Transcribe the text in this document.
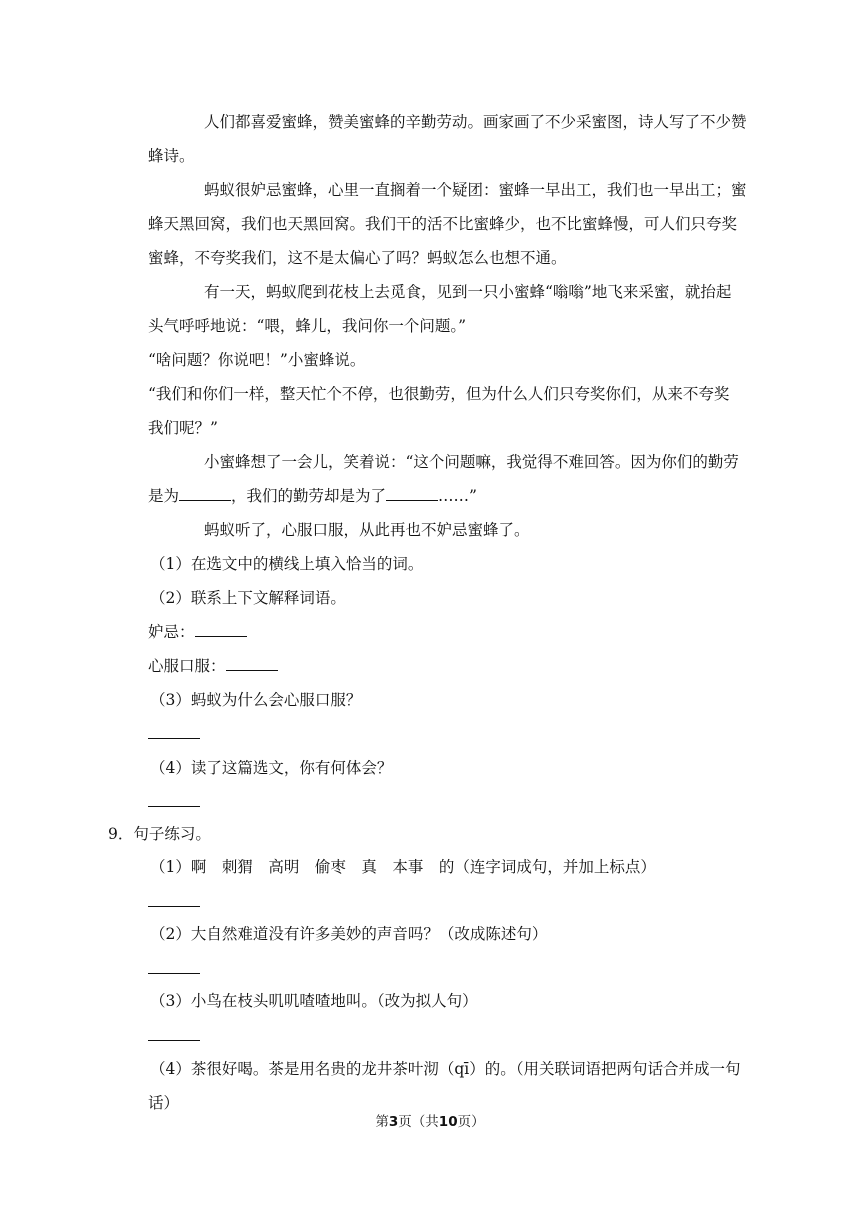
人们都喜爱蜜蜂，赞美蜜蜂的辛勤劳动。画家画了不少采蜜图，诗人写了不少赞
蜂诗。
蚂蚁很妒忌蜜蜂，心里一直搁着一个疑团：蜜蜂一早出工，我们也一早出工；蜜
蜂天黑回窝，我们也天黑回窝。我们干的活不比蜜蜂少，也不比蜜蜂慢，可人们只夸奖
蜜蜂，不夸奖我们，这不是太偏心了吗？蚂蚁怎么也想不通。
有一天，蚂蚁爬到花枝上去觅食，见到一只小蜜蜂“嗡嗡”地飞来采蜜，就抬起
头气呼呼地说：“喂，蜂儿，我问你一个问题。”
“啥问题？你说吧！”小蜜蜂说。
“我们和你们一样，整天忙个不停，也很勤劳，但为什么人们只夸奖你们，从来不夸奖
我们呢？”
小蜜蜂想了一会儿，笑着说：“这个问题嘛，我觉得不难回答。因为你们的勤劳
是为	，我们的勤劳却是为了	……”
蚂蚁听了，心服口服，从此再也不妒忌蜜蜂了。
（1）在选文中的横线上填入恰当的词。
（2）联系上下文解释词语。
妒忌：
心服口服：
（3）蚂蚁为什么会心服口服？
（4）读了这篇选文，你有何体会？
9．句子练习。
（1）啊　刺猬　高明　偷枣　真　本事　的（连字词成句，并加上标点）
（2）大自然难道没有许多美妙的声音吗？（改成陈述句）
（3）小鸟在枝头叽叽喳喳地叫。（改为拟人句）
（4）茶很好喝。茶是用名贵的龙井茶叶沏（qī）的。（用关联词语把两句话合并成一句
话）
第3页（共10页）
